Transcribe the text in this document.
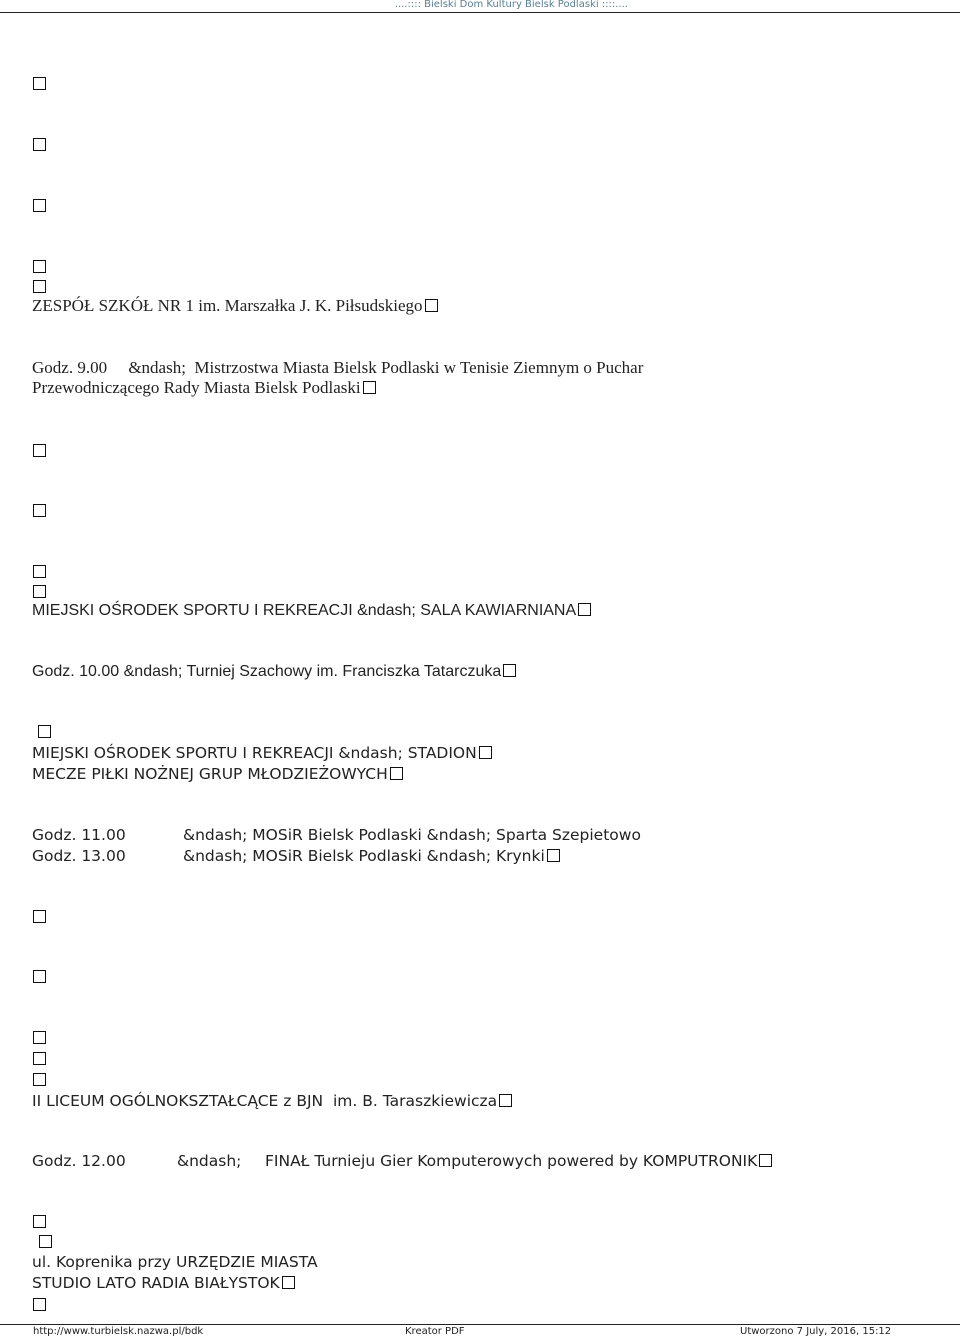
....:::: Bielski Dom Kultury Bielsk Podlaski ::::....
ZESPÓŁ SZKÓŁ NR 1 im. Marszałka J. K. Piłsudskiego
Godz. 9.00     &ndash;  Mistrzostwa Miasta Bielsk Podlaski w Tenisie Ziemnym o Puchar
Przewodniczącego Rady Miasta Bielsk Podlaski
MIEJSKI OŚRODEK SPORTU I REKREACJI &ndash; SALA KAWIARNIANA
Godz. 10.00 &ndash; Turniej Szachowy im. Franciszka Tatarczuka
MIEJSKI OŚRODEK SPORTU I REKREACJI &ndash; STADION
MECZE PIŁKI NOŻNEJ GRUP MŁODZIEŻOWYCH
Godz. 11.00	&ndash; MOSiR Bielsk Podlaski &ndash; Sparta Szepietowo
Godz. 13.00	&ndash; MOSiR Bielsk Podlaski &ndash; Krynki
II LICEUM OGÓLNOKSZTAŁCĄCE z BJN  im. B. Taraszkiewicza
Godz. 12.00	&ndash; FINAŁ Turnieju Gier Komputerowych powered by KOMPUTRONIK
ul. Koprenika przy URZĘDZIE MIASTA
STUDIO LATO RADIA BIAŁYSTOK
http://www.turbielsk.nazwa.pl/bdk	Kreator PDF	Utworzono 7 July, 2016, 15:12
